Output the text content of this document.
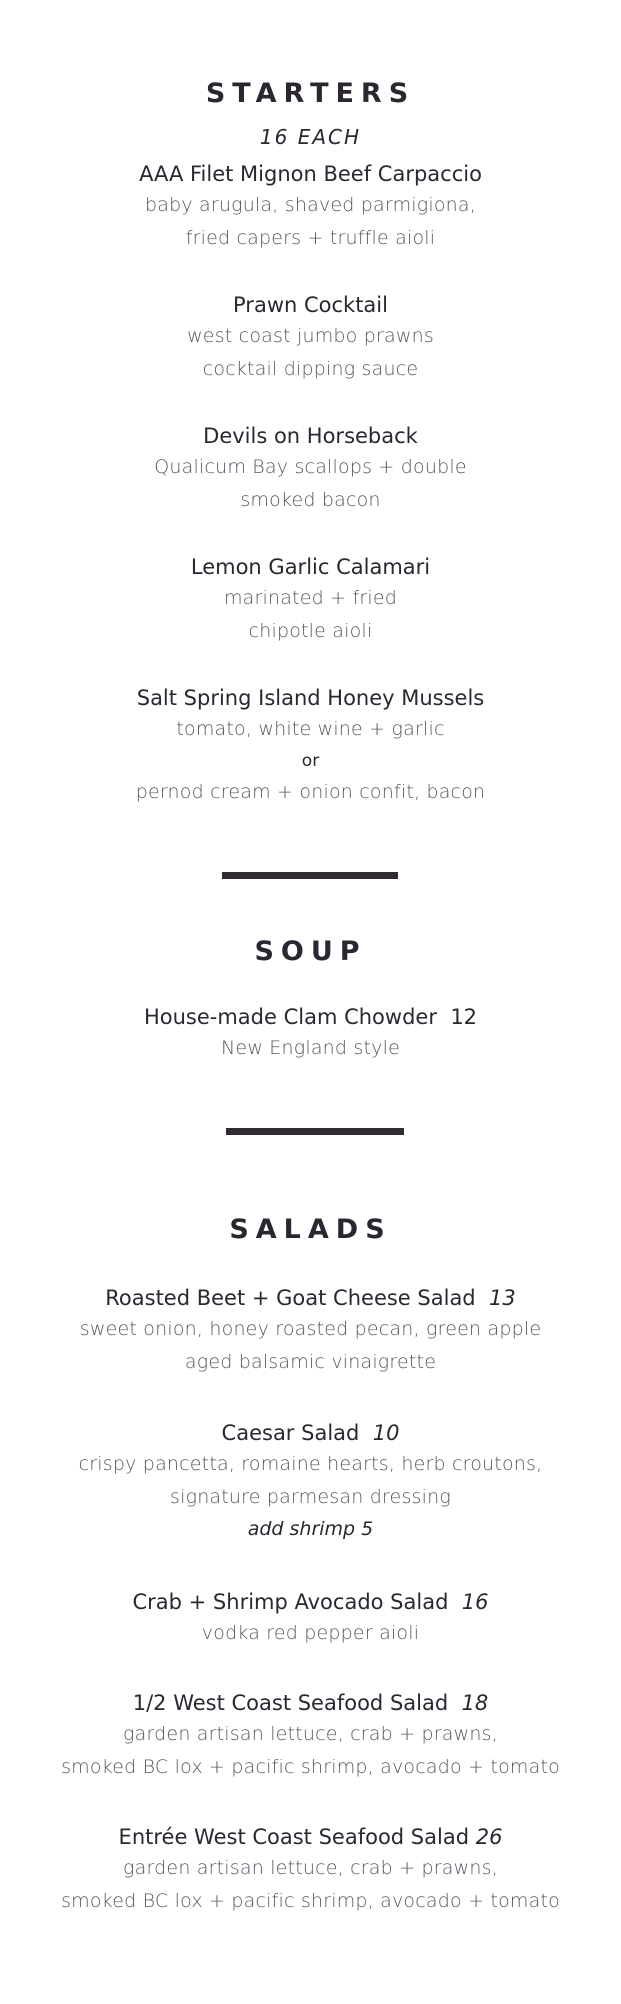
STARTERS
16 EACH
AAA Filet Mignon Beef Carpaccio
baby arugula, shaved parmigiona,
fried capers + truffle aioli
Prawn Cocktail
west coast jumbo prawns
cocktail dipping sauce
Devils on Horseback
Qualicum Bay scallops + double
smoked bacon
Lemon Garlic Calamari
marinated + fried
chipotle aioli
Salt Spring Island Honey Mussels
tomato, white wine + garlic
or
pernod cream + onion confit, bacon
SOUP
House-made Clam Chowder 12
New England style
SALADS
Roasted Beet + Goat Cheese Salad 13
sweet onion, honey roasted pecan, green apple
aged balsamic vinaigrette
Caesar Salad 10
crispy pancetta, romaine hearts, herb croutons,
signature parmesan dressing
add shrimp 5
Crab + Shrimp Avocado Salad 16
vodka red pepper aioli
1/2 West Coast Seafood Salad 18
garden artisan lettuce, crab + prawns,
smoked BC lox + pacific shrimp, avocado + tomato
Entrée West Coast Seafood Salad 26
garden artisan lettuce, crab + prawns,
smoked BC lox + pacific shrimp, avocado + tomato
